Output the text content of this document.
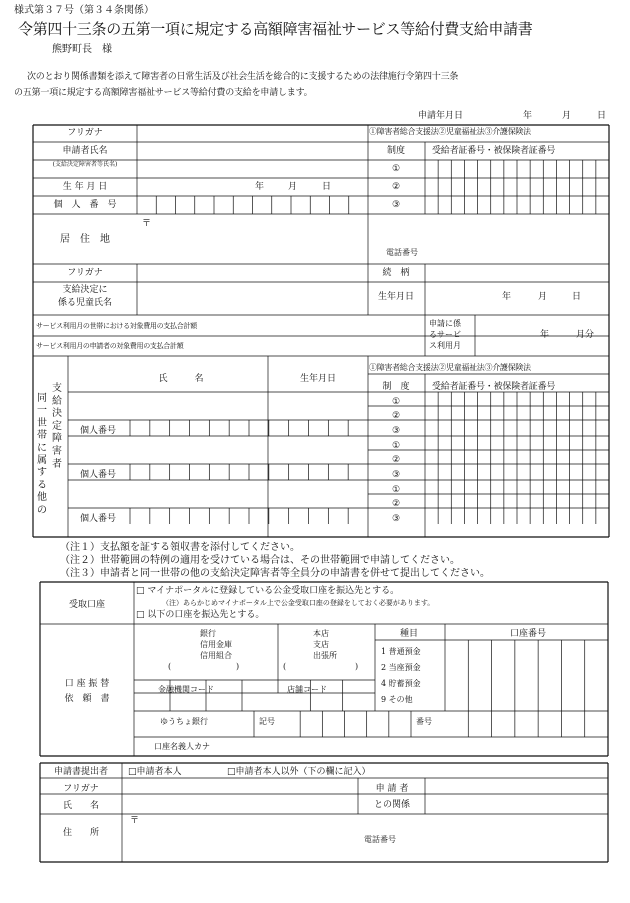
様式第３７号（第３４条関係）
令第四十三条の五第一項に規定する高額障害福祉サービス等給付費支給申請書
熊野町長　様
次のとおり関係書類を添えて障害者の日常生活及び社会生活を総合的に支援するための法律施行令第四十三条
の五第一項に規定する高額障害福祉サービス等給付費の支給を申請します。
申請年月日	年	月	日
フリガナ
申請者氏名
(支給決定障害者等氏名)
生 年 月 日	年	月	日
個　人　番　号
〒
居　住　地
電話番号
①障害者総合支援法②児童福祉法③介護保険法
制度	受給者証番号・被保険者証番号
①
②
③
フリガナ
支給決定に
係る児童氏名
続　柄
生年月日	年	月	日
サービス利用月の世帯における対象費用の支払合計額
サービス利用月の申請者の対象費用の支払合計額
申請に係
るサービ
ス利用月
年	月分
支給決定障害者
同一世帯に属する他の
氏　　　名	生年月日
①障害者総合支援法②児童福祉法③介護保険法
制　度 受給者証番号・被保険者証番号
①
②
③
個人番号
①
②
③
個人番号
①
②
③
個人番号
（注１）支払額を証する領収書を添付してください。
（注２）世帯範囲の特例の適用を受けている場合は、その世帯範囲で申請してください。
（注３）申請者と同一世帯の他の支給決定障害者等全員分の申請書を併せて提出してください。
受取口座
□ マイナポータルに登録している公金受取口座を振込先とする。
（注）あらかじめマイナポータル上で公金受取口座の登録をしておく必要があります。
□ 以下の口座を振込先とする。
銀行
信用金庫
信用組合
(	)
本店
支店
出張所
(	)
種目
1 普通預金
2 当座預金
4 貯蓄預金
9 その他
口座番号
口 座 振 替
依　頼　書
金融機関コード	店舗コード
ゆうちょ銀行	記号	番号
口座名義人カナ
申請書提出者 □申請者本人	□申請者本人以外（下の欄に記入）
フリガナ
氏　　名
住　　所
〒
申 請 者
との関係
電話番号
